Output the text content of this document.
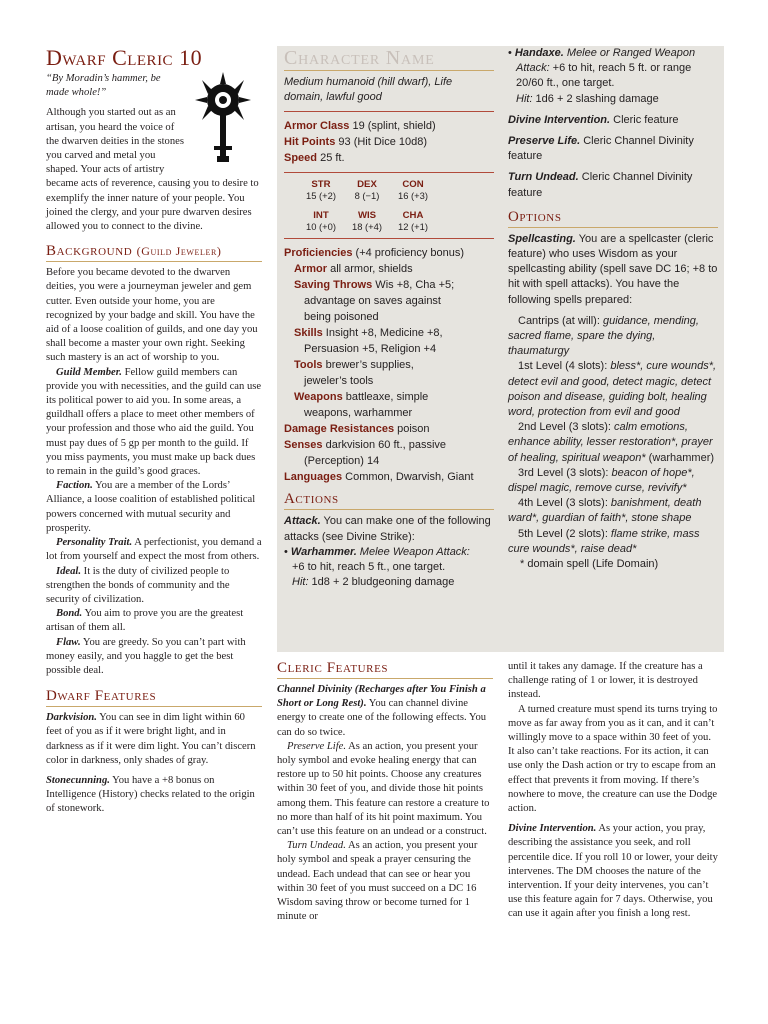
Dwarf Cleric 10

“By Moradin’s hammer, be made whole!”

Although you started out as an artisan, you heard the voice of the dwarven deities in the stones you carved and metal you shaped. Your acts of artistry became acts of reverence, causing you to desire to exemplify the inner nature of your people. You joined the clergy, and your pure dwarven desires allowed you to connect to the divine.

Background (Guild Jeweler)

Before you became devoted to the dwarven deities, you were a journeyman jeweler and gem cutter. Even outside your home, you are recognized by your badge and skill. You have the aid of a loose coalition of guilds, and one day you shall become a master your own right. Seeking such mastery is an act of worship to you.

Guild Member. Fellow guild members can provide you with necessities, and the guild can use its political power to aid you. In some areas, a guildhall offers a place to meet other members of your profession and those who aid the guild. You must pay dues of 5 gp per month to the guild. If you miss payments, you must make up back dues to remain in the guild’s good graces.

Faction. You are a member of the Lords’ Alliance, a loose coalition of established political powers concerned with mutual security and prosperity.

Personality Trait. A perfectionist, you demand a lot from yourself and expect the most from others.

Ideal. It is the duty of civilized people to strengthen the bonds of community and the security of civilization.

Bond. You aim to prove you are the greatest artisan of them all.

Flaw. You are greedy. So you can’t part with money easily, and you haggle to get the best possible deal.

Dwarf Features

Darkvision. You can see in dim light within 60 feet of you as if it were bright light, and in darkness as if it were dim light. You can’t discern color in darkness, only shades of gray.

Stonecunning. You have a +8 bonus on Intelligence (History) checks related to the origin of stonework.

Character Name

Medium humanoid (hill dwarf), Life domain, lawful good

Armor Class 19 (splint, shield)
Hit Points 93 (Hit Dice 10d8)
Speed 25 ft.
STR	DEX	CON
15 (+2)	8 (−1)	16 (+3)
INT	WIS	CHA
10 (+0)	18 (+4)	12 (+1)
Proficiencies (+4 proficiency bonus)
Armor all armor, shields
Saving Throws Wis +8, Cha +5;
advantage on saves against
being poisoned
Skills Insight +8, Medicine +8,
Persuasion +5, Religion +4
Tools brewer’s supplies,
jeweler’s tools
Weapons battleaxe, simple
weapons, warhammer
Damage Resistances poison
Senses darkvision 60 ft., passive
(Perception) 14
Languages Common, Dwarvish, Giant
Actions

Attack. You can make one of the following attacks (see Divine Strike):

• Warhammer. Melee Weapon Attack:

+6 to hit, reach 5 ft., one target.

Hit: 1d8 + 2 bludgeoning damage

• Handaxe. Melee or Ranged Weapon

Attack: +6 to hit, reach 5 ft. or range

20/60 ft., one target.

Hit: 1d6 + 2 slashing damage

Divine Intervention. Cleric feature

Preserve Life. Cleric Channel Divinity feature

Turn Undead. Cleric Channel Divinity feature

Options

Spellcasting. You are a spellcaster (cleric feature) who uses Wisdom as your spellcasting ability (spell save DC 16; +8 to hit with spell attacks). You have the following spells prepared:

Cantrips (at will): guidance, mending, sacred flame, spare the dying, thaumaturgy

1st Level (4 slots): bless*, cure wounds*, detect evil and good, detect magic, detect poison and disease, guiding bolt, healing word, protection from evil and good

2nd Level (3 slots): calm emotions, enhance ability, lesser restoration*, prayer of healing, spiritual weapon* (warhammer)

3rd Level (3 slots): beacon of hope*, dispel magic, remove curse, revivify*

4th Level (3 slots): banishment, death ward*, guardian of faith*, stone shape

5th Level (2 slots): flame strike, mass cure wounds*, raise dead*

* domain spell (Life Domain)

Cleric Features

Channel Divinity (Recharges after You Finish a Short or Long Rest). You can channel divine energy to create one of the following effects. You can do so twice.

Preserve Life. As an action, you present your holy symbol and evoke healing energy that can restore up to 50 hit points. Choose any creatures within 30 feet of you, and divide those hit points among them. This feature can restore a creature to no more than half of its hit point maximum. You can’t use this feature on an undead or a construct.

Turn Undead. As an action, you present your holy symbol and speak a prayer censuring the undead. Each undead that can see or hear you within 30 feet of you must succeed on a DC 16 Wisdom saving throw or become turned for 1 minute or

until it takes any damage. If the creature has a challenge rating of 1 or lower, it is destroyed instead.

A turned creature must spend its turns trying to move as far away from you as it can, and it can’t willingly move to a space within 30 feet of you. It also can’t take reactions. For its action, it can use only the Dash action or try to escape from an effect that prevents it from moving. If there’s nowhere to move, the creature can use the Dodge action.

Divine Intervention. As your action, you pray, describing the assistance you seek, and roll percentile dice. If you roll 10 or lower, your deity intervenes. The DM chooses the nature of the intervention. If your deity intervenes, you can’t use this feature again for 7 days. Otherwise, you can use it again after you finish a long rest.
